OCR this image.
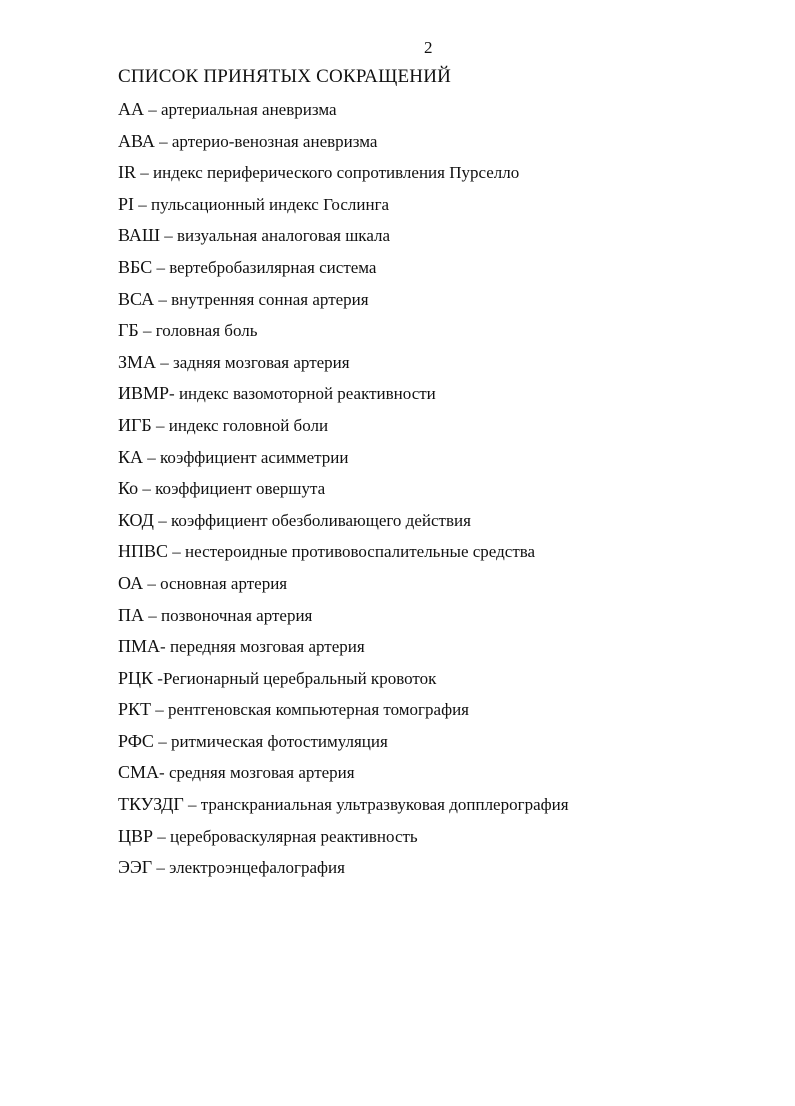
2
СПИСОК ПРИНЯТЫХ СОКРАЩЕНИЙ
АА – артериальная аневризма
АВА – артерио-венозная аневризма
IR – индекс периферического сопротивления Пурселло
PI – пульсационный индекс Гослинга
ВАШ – визуальная аналоговая шкала
ВБС – вертебробазилярная система
ВСА – внутренняя сонная артерия
ГБ – головная боль
ЗМА – задняя мозговая артерия
ИВМР- индекс вазомоторной реактивности
ИГБ – индекс головной боли
КА – коэффициент асимметрии
Ко – коэффициент овершута
КОД – коэффициент обезболивающего действия
НПВС – нестероидные противовоспалительные средства
ОА – основная артерия
ПА – позвоночная артерия
ПМА- передняя мозговая артерия
РЦК -Регионарный церебральный кровоток
РКТ – рентгеновская компьютерная томография
РФС – ритмическая фотостимуляция
СМА- средняя мозговая артерия
ТКУЗДГ – транскраниальная ультразвуковая допплерография
ЦВР – цереброваскулярная реактивность
ЭЭГ – электроэнцефалография
